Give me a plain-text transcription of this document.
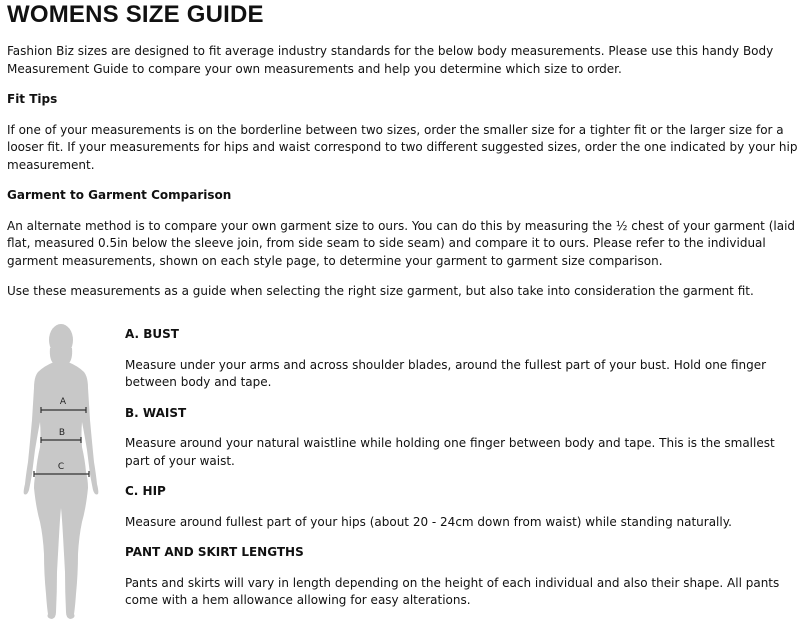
WOMENS SIZE GUIDE

Fashion Biz sizes are designed to fit average industry standards for the below body measurements. Please use this handy Body Measurement Guide to compare your own measurements and help you determine which size to order.

Fit Tips

If one of your measurements is on the borderline between two sizes, order the smaller size for a tighter fit or the larger size for a looser fit. If your measurements for hips and waist correspond to two different suggested sizes, order the one indicated by your hip measurement.

Garment to Garment Comparison

An alternate method is to compare your own garment size to ours. You can do this by measuring the ½ chest of your garment (laid flat, measured 0.5in below the sleeve join, from side seam to side seam) and compare it to ours. Please refer to the individual garment measurements, shown on each style page, to determine your garment to garment size comparison.

Use these measurements as a guide when selecting the right size garment, but also take into consideration the garment fit.

A
B
C

A. BUST

Measure under your arms and across shoulder blades, around the fullest part of your bust. Hold one finger between body and tape.

B. WAIST

Measure around your natural waistline while holding one finger between body and tape. This is the smallest part of your waist.

C. HIP

Measure around fullest part of your hips (about 20 - 24cm down from waist) while standing naturally.

PANT AND SKIRT LENGTHS

Pants and skirts will vary in length depending on the height of each individual and also their shape. All pants come with a hem allowance allowing for easy alterations.
